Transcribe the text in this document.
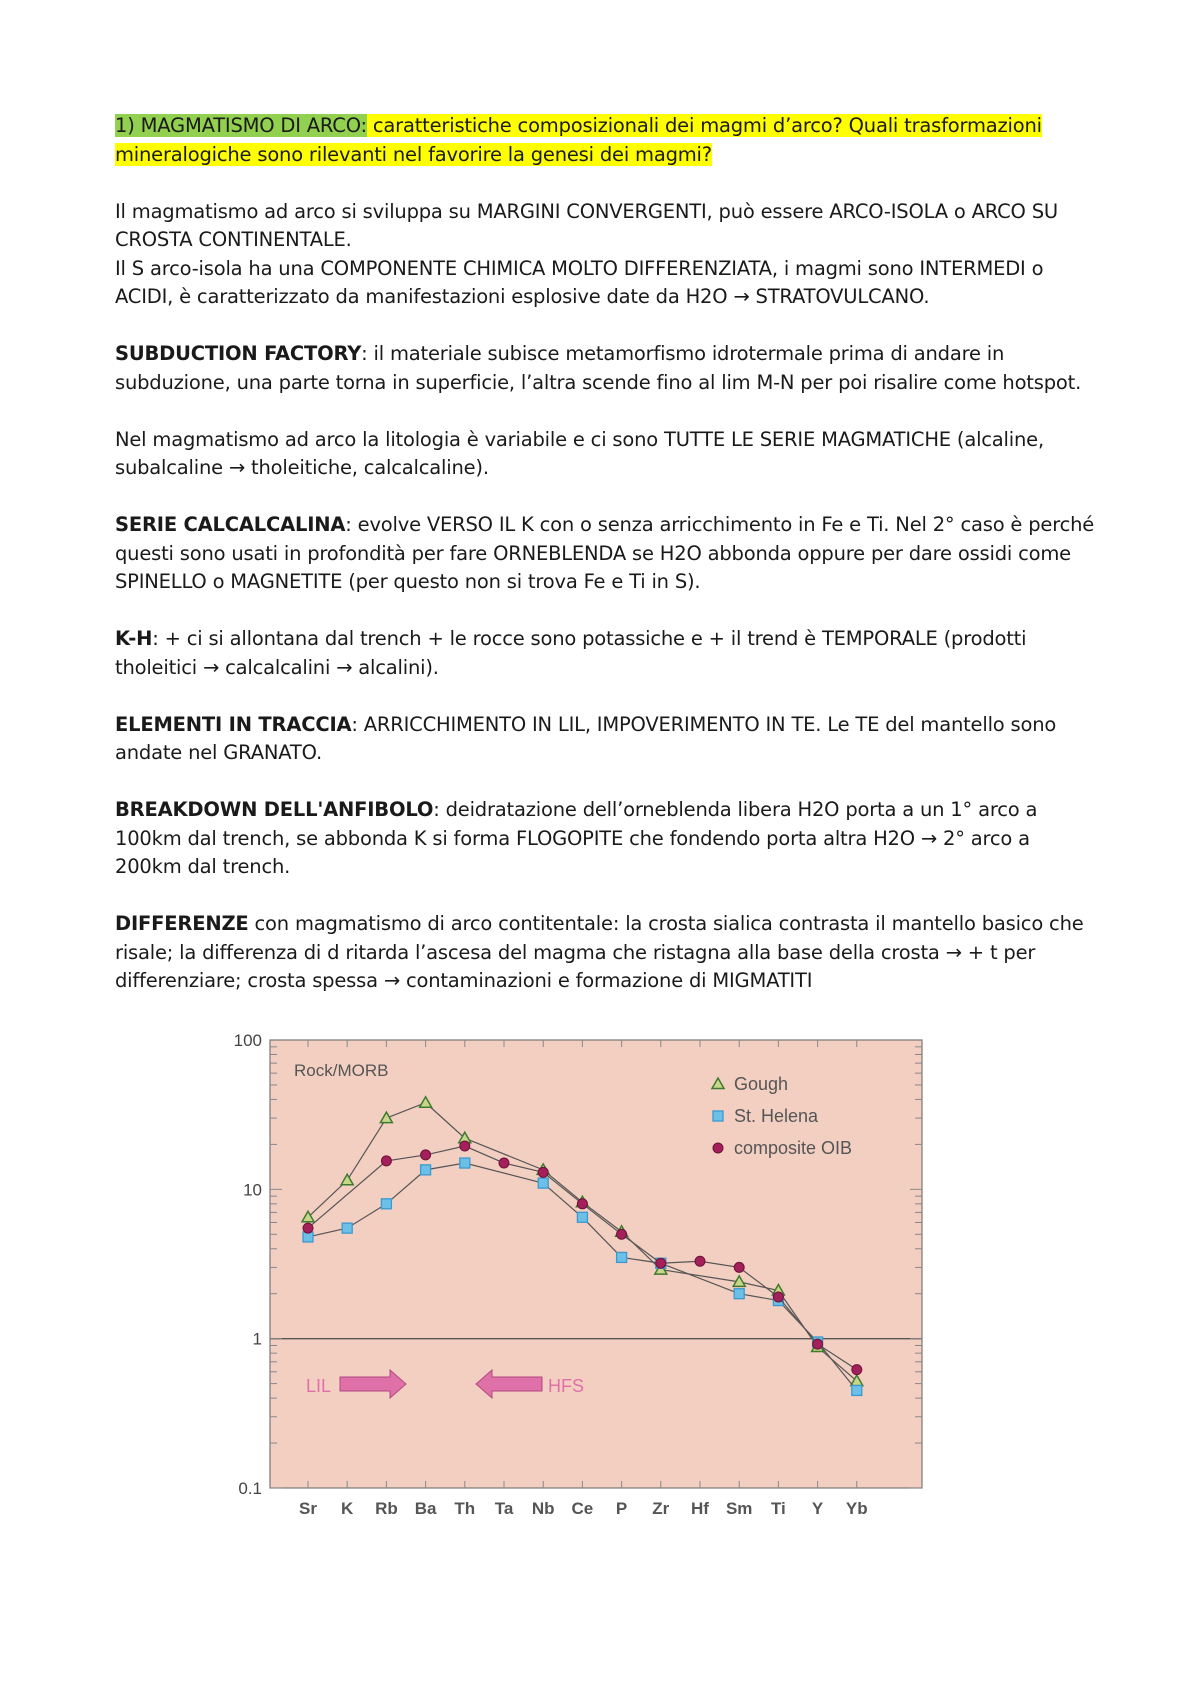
1) MAGMATISMO DI ARCO: caratteristiche composizionali dei magmi d’arco? Quali trasformazioni mineralogiche sono rilevanti nel favorire la genesi dei magmi?

Il magmatismo ad arco si sviluppa su MARGINI CONVERGENTI, può essere ARCO-ISOLA o ARCO SU CROSTA CONTINENTALE.

Il S arco-isola ha una COMPONENTE CHIMICA MOLTO DIFFERENZIATA, i magmi sono INTERMEDI o ACIDI, è caratterizzato da manifestazioni esplosive date da H2O → STRATOVULCANO.

SUBDUCTION FACTORY: il materiale subisce metamorfismo idrotermale prima di andare in subduzione, una parte torna in superficie, l’altra scende fino al lim M-N per poi risalire come hotspot.

Nel magmatismo ad arco la litologia è variabile e ci sono TUTTE LE SERIE MAGMATICHE (alcaline, subalcaline → tholeitiche, calcalcaline).

SERIE CALCALCALINA: evolve VERSO IL K con o senza arricchimento in Fe e Ti. Nel 2° caso è perché questi sono usati in profondità per fare ORNEBLENDA se H2O abbonda oppure per dare ossidi come SPINELLO o MAGNETITE (per questo non si trova Fe e Ti in S).

K-H: + ci si allontana dal trench + le rocce sono potassiche e + il trend è TEMPORALE (prodotti tholeitici → calcalcalini → alcalini).

ELEMENTI IN TRACCIA: ARRICCHIMENTO IN LIL, IMPOVERIMENTO IN TE. Le TE del mantello sono andate nel GRANATO.

BREAKDOWN DELL'ANFIBOLO: deidratazione dell’orneblenda libera H2O porta a un 1° arco a 100km dal trench, se abbonda K si forma FLOGOPITE che fondendo porta altra H2O → 2° arco a 200km dal trench.

DIFFERENZE con magmatismo di arco contitentale: la crosta sialica contrasta il mantello basico che risale; la differenza di d ritarda l’ascesa del magma che ristagna alla base della crosta → + t per differenziare; crosta spessa → contaminazioni e formazione di MIGMATITI

100
10
1
0.1
Sr K Rb Ba Th Ta Nb Ce P Zr Hf Sm Ti Y Yb
Rock/MORB
Gough
St. Helena
composite OIB
LIL	HFS
